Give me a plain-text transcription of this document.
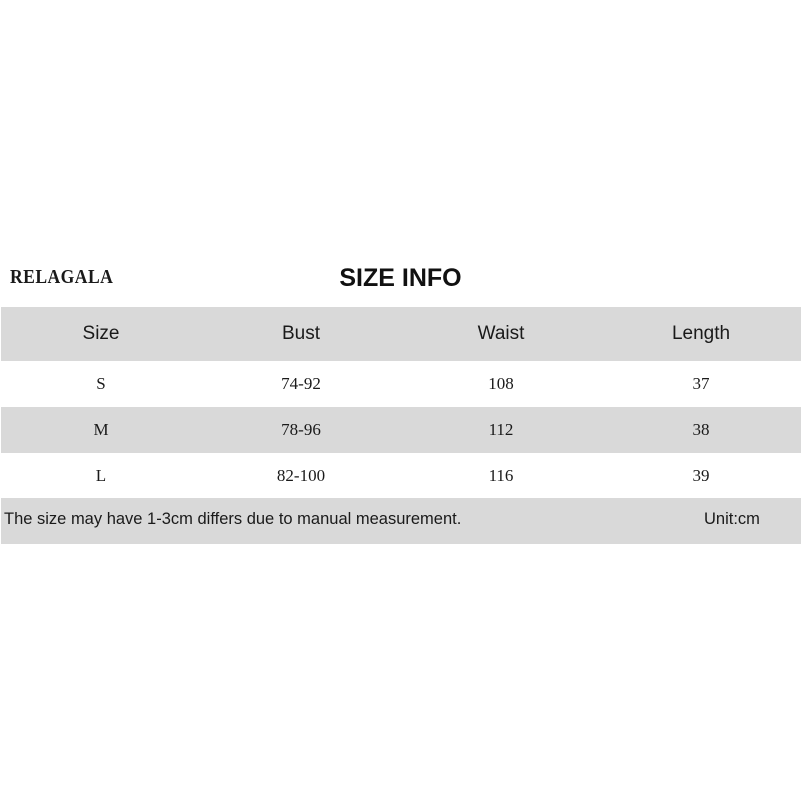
RELAGALA	SIZE INFO
Size	Bust	Waist	Length
S	74-92	108	37
M	78-96	112	38
L	82-100	116	39
The size may have 1-3cm differs due to manual measurement.	Unit:cm
